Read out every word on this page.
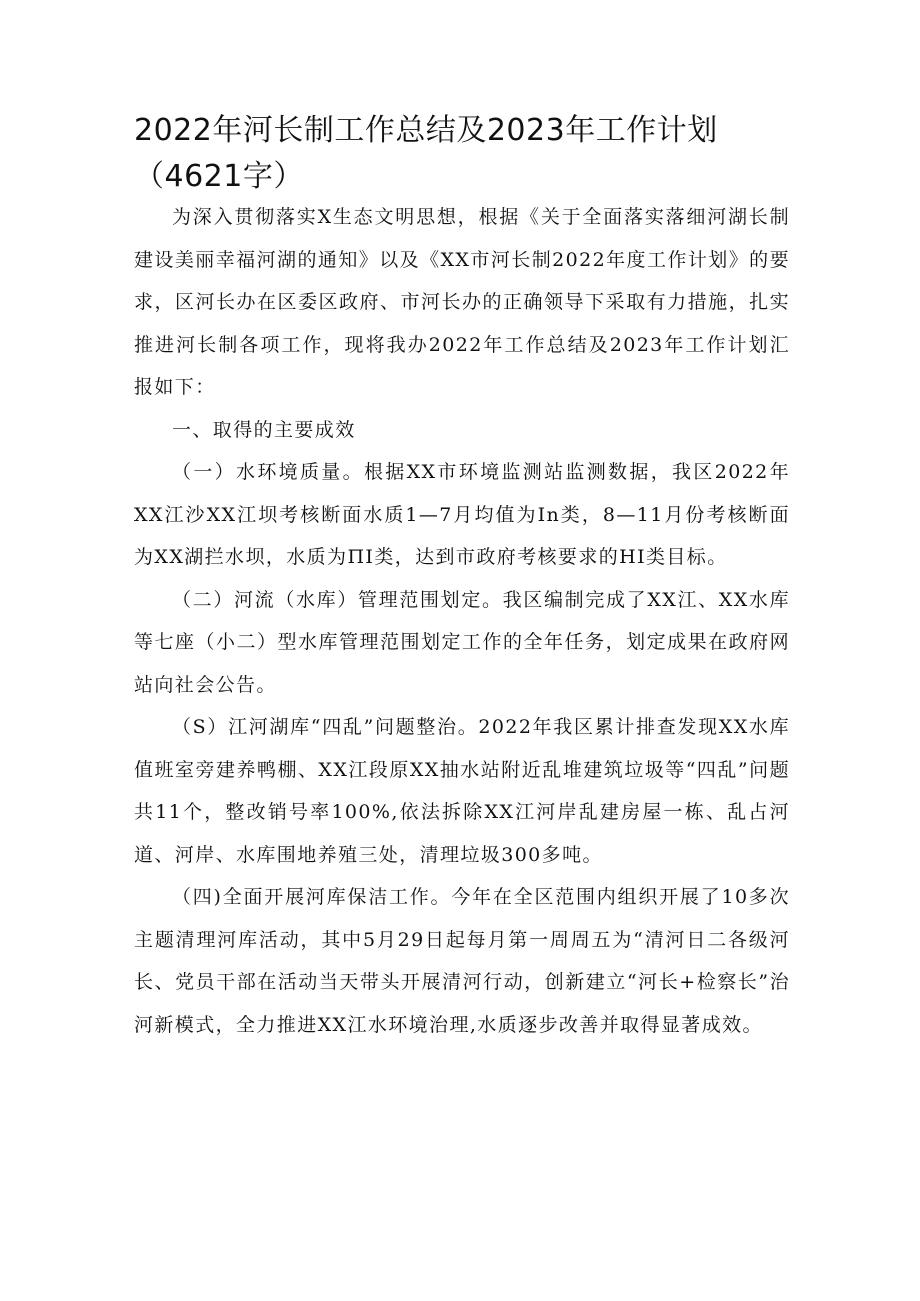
2022年河长制工作总结及2023年工作计划（4621字）

为深入贯彻落实X生态文明思想，根据《关于全面落实落细河湖长制建设美丽幸福河湖的通知》以及《XX市河长制2022年度工作计划》的要求，区河长办在区委区政府、市河长办的正确领导下采取有力措施，扎实推进河长制各项工作，现将我办2022年工作总结及2023年工作计划汇报如下：

一、取得的主要成效

（一）水环境质量。根据XX市环境监测站监测数据，我区2022年XX江沙XX江坝考核断面水质1—7月均值为In类，8—11月份考核断面为XX湖拦水坝，水质为ΠI类，达到市政府考核要求的HI类目标。

（二）河流（水库）管理范围划定。我区编制完成了XX江、XX水库等七座（小二）型水库管理范围划定工作的全年任务，划定成果在政府网站向社会公告。

（S）江河湖库“四乱”问题整治。2022年我区累计排查发现XX水库值班室旁建养鸭棚、XX江段原XX抽水站附近乱堆建筑垃圾等“四乱”问题共11个，整改销号率100%,依法拆除XX江河岸乱建房屋一栋、乱占河道、河岸、水库围地养殖三处，清理垃圾300多吨。

（四)全面开展河库保洁工作。今年在全区范围内组织开展了10多次主题清理河库活动，其中5月29日起每月第一周周五为“清河日二各级河长、党员干部在活动当天带头开展清河行动，创新建立“河长+检察长”治河新模式，全力推进XX江水环境治理,水质逐步改善并取得显著成效。
